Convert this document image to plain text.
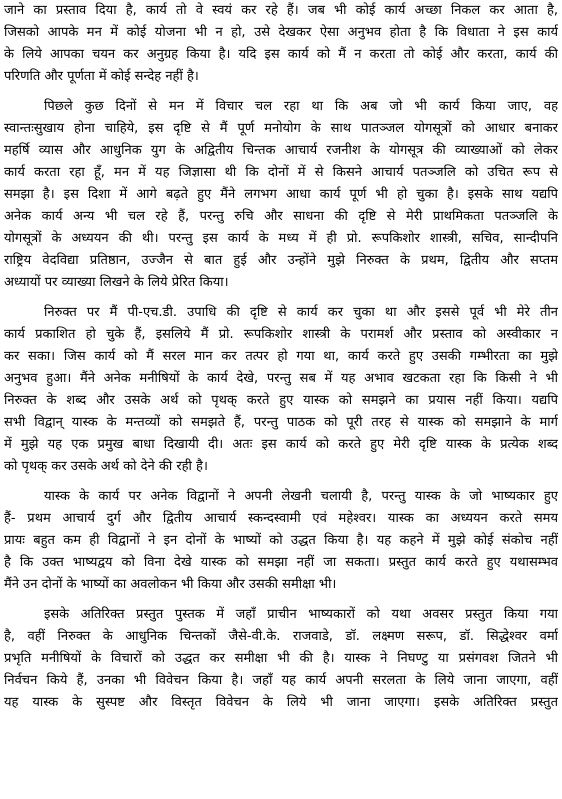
जाने का प्रस्ताव दिया है, कार्य तो वे स्वयं कर रहे हैं। जब भी कोई कार्य अच्छा निकल कर आता है,
जिसको आपके मन में कोई योजना भी न हो, उसे देखकर ऐसा अनुभव होता है कि विधाता ने इस कार्य
के लिये आपका चयन कर अनुग्रह किया है। यदि इस कार्य को मैं न करता तो कोई और करता, कार्य की
परिणति और पूर्णता में कोई सन्देह नहीं है।
पिछले कुछ दिनों से मन में विचार चल रहा था कि अब जो भी कार्य किया जाए, वह
स्वान्तःसुखाय होना चाहिये, इस दृष्टि से मैं पूर्ण मनोयोग के साथ पातञ्जल योगसूत्रों को आधार बनाकर
महर्षि व्यास और आधुनिक युग के अद्वितीय चिन्तक आचार्य रजनीश के योगसूत्र की व्याख्याओं को लेकर
कार्य करता रहा हूँ, मन में यह जिज्ञासा थी कि दोनों में से किसने आचार्य पतञ्जलि को उचित रूप से
समझा है। इस दिशा में आगे बढ़ते हुए मैंने लगभग आधा कार्य पूर्ण भी हो चुका है। इसके साथ यद्यपि
अनेक कार्य अन्य भी चल रहे हैं, परन्तु रुचि और साधना की दृष्टि से मेरी प्राथमिकता पतञ्जलि के
योगसूत्रों के अध्ययन की थी। परन्तु इस कार्य के मध्य में ही प्रो. रूपकिशोर शास्त्री, सचिव, सान्दीपनि
राष्ट्रिय वेदविद्या प्रतिष्ठान, उज्जैन से बात हुई और उन्होंने मुझे निरुक्त के प्रथम, द्वितीय और सप्तम
अध्यायों पर व्याख्या लिखने के लिये प्रेरित किया।
निरुक्त पर मैं पी-एच.डी. उपाधि की दृष्टि से कार्य कर चुका था और इससे पूर्व भी मेरे तीन
कार्य प्रकाशित हो चुके हैं, इसलिये मैं प्रो. रूपकिशोर शास्त्री के परामर्श और प्रस्ताव को अस्वीकार न
कर सका। जिस कार्य को मैं सरल मान कर तत्पर हो गया था, कार्य करते हुए उसकी गम्भीरता का मुझे
अनुभव हुआ। मैंने अनेक मनीषियों के कार्य देखे, परन्तु सब में यह अभाव खटकता रहा कि किसी ने भी
निरुक्त के शब्द और उसके अर्थ को पृथक् करते हुए यास्क को समझने का प्रयास नहीं किया। यद्यपि
सभी विद्वान् यास्क के मन्तव्यों को समझते हैं, परन्तु पाठक को पूरी तरह से यास्क को समझाने के मार्ग
में मुझे यह एक प्रमुख बाधा दिखायी दी। अतः इस कार्य को करते हुए मेरी दृष्टि यास्क के प्रत्येक शब्द
को पृथक् कर उसके अर्थ को देने की रही है।
यास्क के कार्य पर अनेक विद्वानों ने अपनी लेखनी चलायी है, परन्तु यास्क के जो भाष्यकार हुए
हैं- प्रथम आचार्य दुर्ग और द्वितीय आचार्य स्कन्दस्वामी एवं महेश्वर। यास्क का अध्ययन करते समय
प्रायः बहुत कम ही विद्वानों ने इन दोनों के भाष्यों को उद्धत किया है। यह कहने में मुझे कोई संकोच नहीं
है कि उक्त भाष्यद्वय को विना देखे यास्क को समझा नहीं जा सकता। प्रस्तुत कार्य करते हुए यथासम्भव
मैंने उन दोनों के भाष्यों का अवलोकन भी किया और उसकी समीक्षा भी।
इसके अतिरिक्त प्रस्तुत पुस्तक में जहाँ प्राचीन भाष्यकारों को यथा अवसर प्रस्तुत किया गया
है, वहीं निरुक्त के आधुनिक चिन्तकों जैसे-वी.के. राजवाडे, डॉ. लक्ष्मण सरूप, डॉ. सिद्धेश्वर वर्मा
प्रभृति मनीषियों के विचारों को उद्धत कर समीक्षा भी की है। यास्क ने निघण्टु या प्रसंगवश जितने भी
निर्वचन किये हैं, उनका भी विवेचन किया है। जहाँ यह कार्य अपनी सरलता के लिये जाना जाएगा, वहीं
यह यास्क के सुस्पष्ट और विस्तृत विवेचन के लिये भी जाना जाएगा। इसके अतिरिक्त प्रस्तुत
